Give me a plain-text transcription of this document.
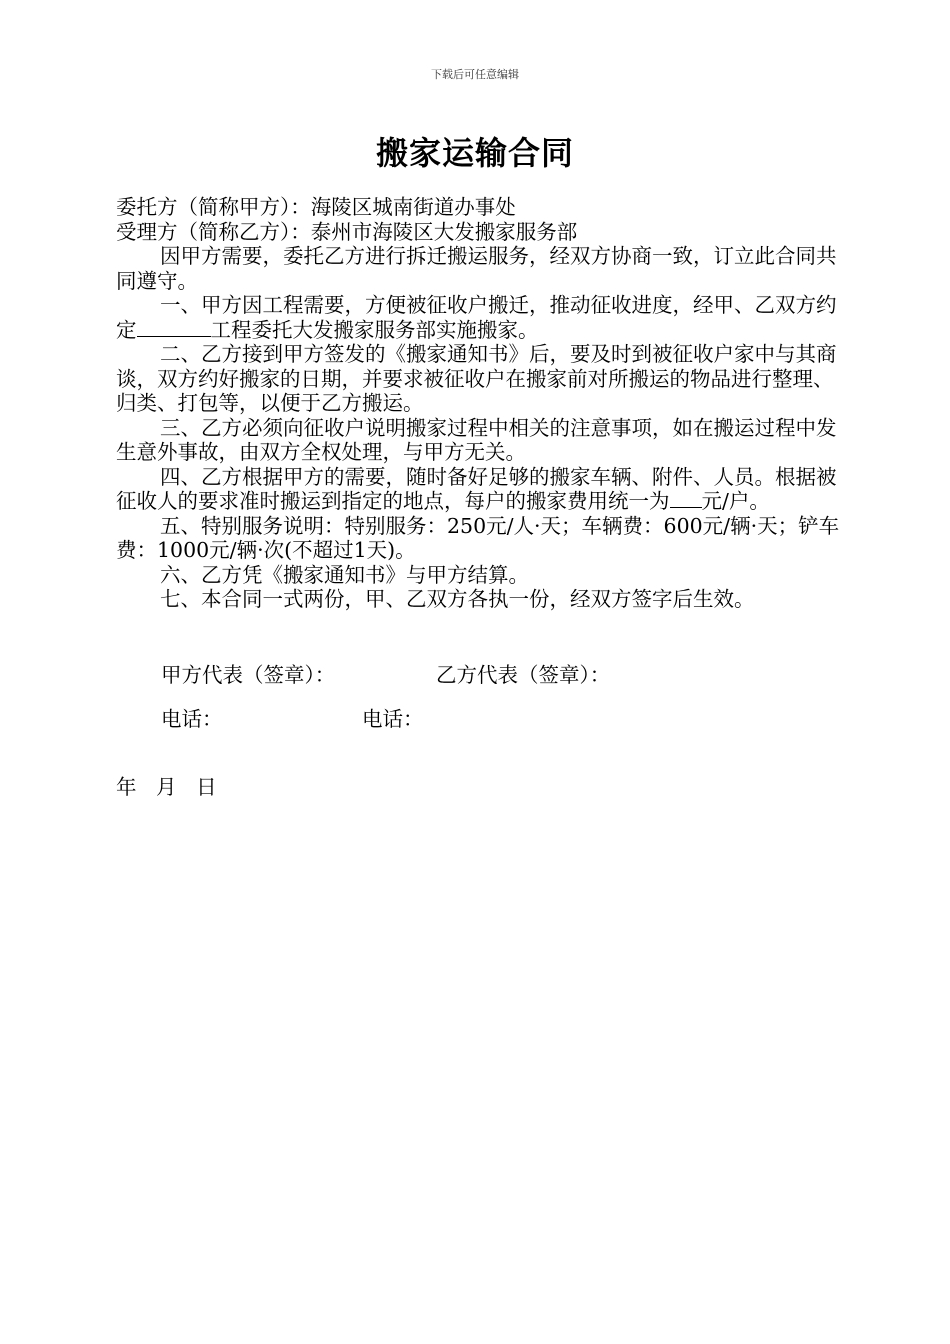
下载后可任意编辑
搬家运输合同

委托方（简称甲方）：海陵区城南街道办事处

受理方（简称乙方）：泰州市海陵区大发搬家服务部

因甲方需要，委托乙方进行拆迁搬运服务，经双方协商一致，订立此合同共同遵守。

一、甲方因工程需要，方便被征收户搬迁，推动征收进度，经甲、乙双方约定	工程委托大发搬家服务部实施搬家。

二、乙方接到甲方签发的《搬家通知书》后，要及时到被征收户家中与其商谈，双方约好搬家的日期，并要求被征收户在搬家前对所搬运的物品进行整理、归类、打包等，以便于乙方搬运。

三、乙方必须向征收户说明搬家过程中相关的注意事项，如在搬运过程中发生意外事故，由双方全权处理，与甲方无关。

四、乙方根据甲方的需要，随时备好足够的搬家车辆、附件、人员。根据被征收人的要求准时搬运到指定的地点，每户的搬家费用统一为 元/户。

五、特别服务说明：特别服务：250元/人·天；车辆费：600元/辆·天；铲车费：1000元/辆·次(不超过1天)。

六、乙方凭《搬家通知书》与甲方结算。

七、本合同一式两份，甲、乙双方各执一份，经双方签字后生效。

甲方代表（签章）：	乙方代表（签章）：
电话：	电话：
年   月   日
